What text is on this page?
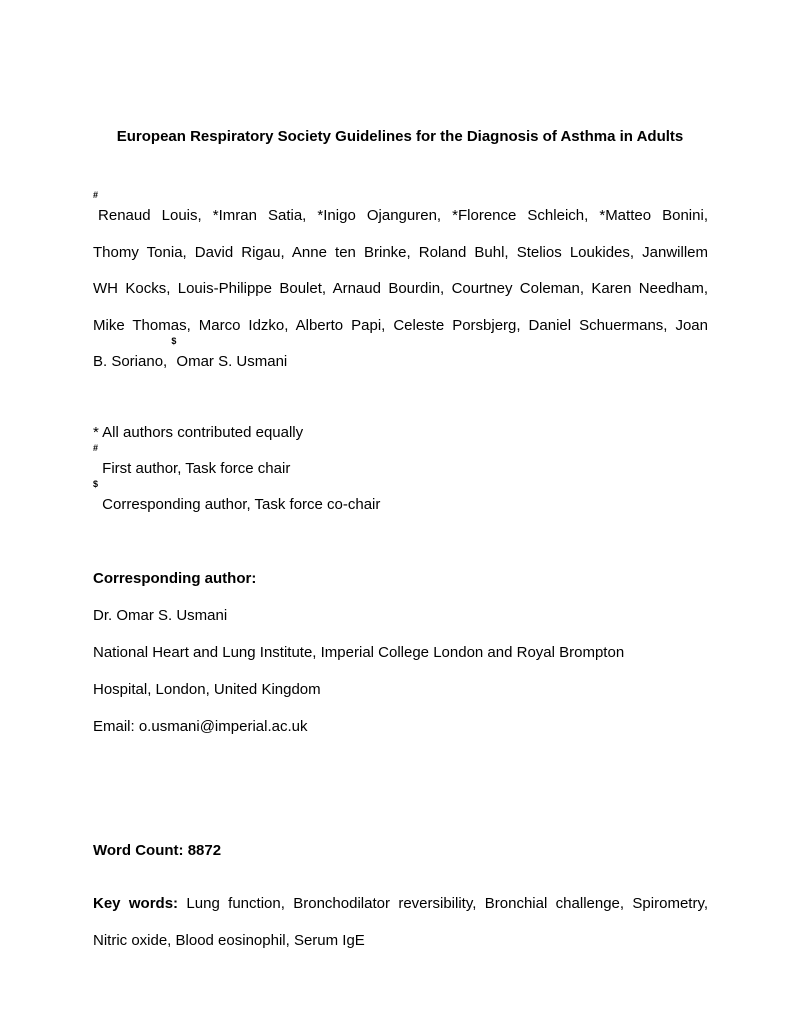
European Respiratory Society Guidelines for the Diagnosis of Asthma in Adults
#Renaud Louis, *Imran Satia, *Inigo Ojanguren, *Florence Schleich, *Matteo Bonini,
Thomy Tonia, David Rigau, Anne ten Brinke, Roland Buhl, Stelios Loukides, Janwillem
WH Kocks, Louis-Philippe Boulet, Arnaud Bourdin, Courtney Coleman, Karen Needham,
Mike Thomas, Marco Idzko, Alberto Papi, Celeste Porsbjerg, Daniel Schuermans, Joan
B. Soriano, $Omar S. Usmani
* All authors contributed equally
# First author, Task force chair
$ Corresponding author, Task force co-chair
Corresponding author:
Dr. Omar S. Usmani
National Heart and Lung Institute, Imperial College London and Royal Brompton
Hospital, London, United Kingdom
Email: o.usmani@imperial.ac.uk
Word Count: 8872
Key words: Lung function, Bronchodilator reversibility, Bronchial challenge, Spirometry,
Nitric oxide, Blood eosinophil, Serum IgE
